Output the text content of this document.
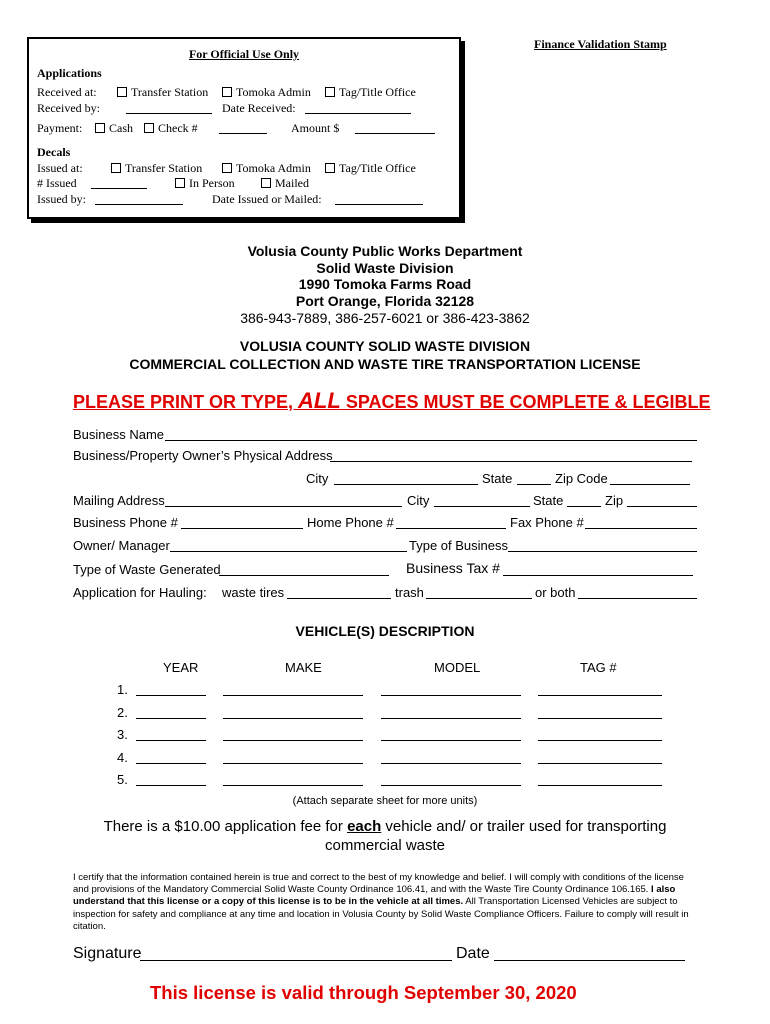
Finance Validation Stamp
For Official Use Only
Applications
Received at:	Transfer Station	Tomoka Admin	Tag/Title Office
Received by:	Date Received:
Payment:	Cash	Check #	Amount $
Decals
Issued at:	Transfer Station	Tomoka Admin	Tag/Title Office
# Issued	In Person	Mailed
Issued by:	Date Issued or Mailed:
Volusia County Public Works Department
Solid Waste Division
1990 Tomoka Farms Road
Port Orange, Florida 32128
386-943-7889, 386-257-6021 or 386-423-3862
VOLUSIA COUNTY SOLID WASTE DIVISION
COMMERCIAL COLLECTION AND WASTE TIRE TRANSPORTATION LICENSE
PLEASE PRINT OR TYPE, ALL SPACES MUST BE COMPLETE & LEGIBLE
Business Name
Business/Property Owner’s Physical Address
City	State	Zip Code
Mailing Address	City	State	Zip
Business Phone #	Home Phone #	Fax Phone #
Owner/ Manager	Type of Business
Type of Waste Generated	Business Tax #
Application for Hauling: waste tires	trash	or both
VEHICLE(S) DESCRIPTION
YEAR	MAKE	MODEL	TAG #
1.
2.
3.
4.
5.
(Attach separate sheet for more units)
There is a $10.00 application fee for each vehicle and/ or trailer used for transporting
commercial waste
I certify that the information contained herein is true and correct to the best of my knowledge and belief. I will comply with conditions of the license and provisions of the Mandatory Commercial Solid Waste County Ordinance 106.41, and with the Waste Tire County Ordinance 106.165. I also understand that this license or a copy of this license is to be in the vehicle at all times. All Transportation Licensed Vehicles are subject to inspection for safety and compliance at any time and location in Volusia County by Solid Waste Compliance Officers. Failure to comply will result in citation.
Signature	Date
This license is valid through September 30, 2020
